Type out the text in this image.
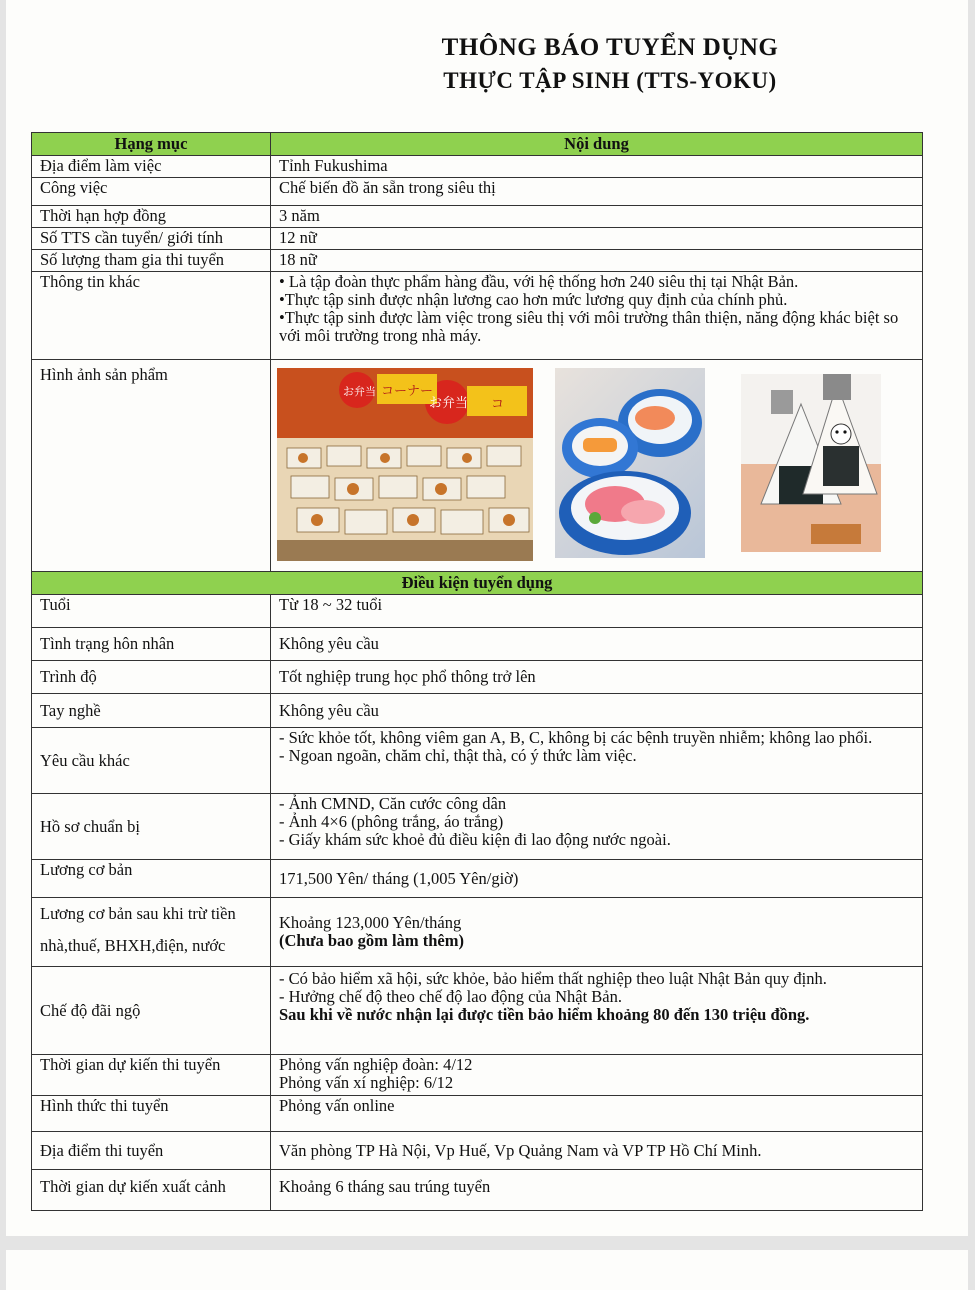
THÔNG BÁO TUYỂN DỤNG
THỰC TẬP SINH (TTS-YOKU)
Hạng mục	Nội dung
Địa điểm làm việc	Tỉnh Fukushima
Công việc	Chế biến đồ ăn sẵn trong siêu thị
Thời hạn hợp đồng	3 năm
Số TTS cần tuyển/ giới tính	12 nữ
Số lượng tham gia thi tuyển	18 nữ
Thông tin khác	• Là tập đoàn thực phẩm hàng đầu, với hệ thống hơn 240 siêu thị tại Nhật Bản.
•Thực tập sinh được nhận lương cao hơn mức lương quy định của chính phủ.
•Thực tập sinh được làm việc trong siêu thị với môi trường thân thiện, năng động khác biệt so với môi trường trong nhà máy.

Hình ảnh sản phẩm	お弁当 コーナー
お弁当 コ

Điều kiện tuyển dụng	
Tuổi	Từ 18 ~ 32 tuổi
Tình trạng hôn nhân	Không yêu cầu
Trình độ	Tốt nghiệp trung học phổ thông trở lên
Tay nghề	Không yêu cầu
Yêu cầu khác	- Sức khỏe tốt, không viêm gan A, B, C, không bị các bệnh truyền nhiễm; không lao phổi.
- Ngoan ngoãn, chăm chỉ, thật thà, có ý thức làm việc.

Hồ sơ chuẩn bị	- Ảnh CMND, Căn cước công dân
- Ảnh 4×6 (phông trắng, áo trắng)
- Giấy khám sức khoẻ đủ điều kiện đi lao động nước ngoài.

Lương cơ bản	171,500 Yên/ tháng (1,005 Yên/giờ)

Lương cơ bản sau khi trừ tiền
nhà,thuế, BHXH,điện, nước	Khoảng 123,000 Yên/tháng
(Chưa bao gồm làm thêm)

Chế độ đãi ngộ	- Có bảo hiểm xã hội, sức khỏe, bảo hiểm thất nghiệp theo luật Nhật Bản quy định.
- Hưởng chế độ theo chế độ lao động của Nhật Bản.
Sau khi về nước nhận lại được tiền bảo hiểm khoảng 80 đến 130 triệu đồng.

Thời gian dự kiến thi tuyển	Phỏng vấn nghiệp đoàn: 4/12
Phỏng vấn xí nghiệp: 6/12

Hình thức thi tuyển	Phỏng vấn online
Địa điểm thi tuyển	Văn phòng TP Hà Nội, Vp Huế, Vp Quảng Nam và VP TP Hồ Chí Minh.
Thời gian dự kiến xuất cảnh	Khoảng 6 tháng sau trúng tuyển
